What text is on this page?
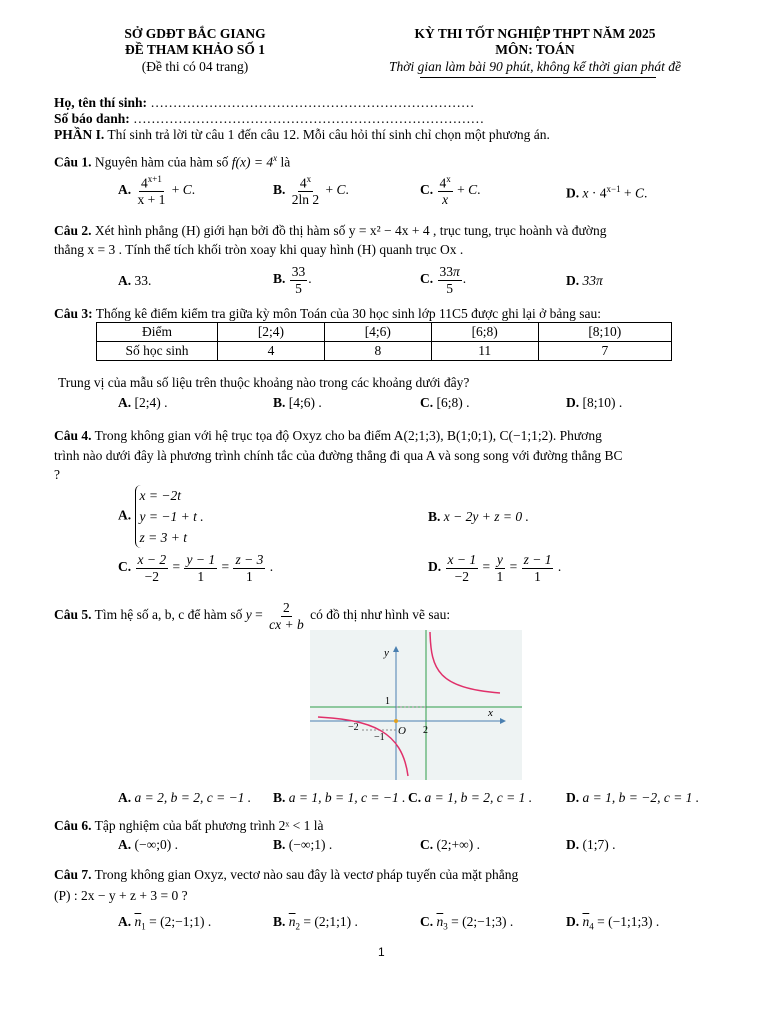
SỞ GDĐT BẮC GIANG
ĐỀ THAM KHẢO SỐ 1
(Đề thi có 04 trang)
KỲ THI TỐT NGHIỆP THPT NĂM 2025
MÔN: TOÁN
Thời gian làm bài 90 phút, không kể thời gian phát đề
Họ, tên thí sinh: ………………………………………………………………
Số báo danh: ……………………………………………………………………
PHẦN I. Thí sinh trả lời từ câu 1 đến câu 12. Mỗi câu hỏi thí sinh chỉ chọn một phương án.
Câu 1. Nguyên hàm của hàm số $f(x) = 4^x$ là
A. $\frac{4^{x+1}}{x + 1} + C$.	B. $\frac{4^x}{2\ln 2} + C$.	C. $\frac{4^x}{x} + C$.	D. $x \cdot 4^{x-1} + C$.
Câu 2. Xét hình phẳng (H) giới hạn bởi đồ thị hàm số y = x² − 4x + 4 , trục tung, trục hoành và đường
thẳng x = 3 . Tính thể tích khối tròn xoay khi quay hình (H) quanh trục Ox .
A. 33.	B. $\frac{33}{5}$ .	C. $\frac{33\pi}{5}$ .	D. 33π
Câu 3: Thống kê điểm kiểm tra giữa kỳ môn Toán của 30 học sinh lớp 11C5 được ghi lại ở bảng sau:
Điểm	[2;4)	[4;6)	[6;8)	[8;10)
Số học sinh	4	8	11	7
Trung vị của mẫu số liệu trên thuộc khoảng nào trong các khoảng dưới đây?
A. [2;4) .	B. [4;6) .	C. [6;8) .	D. [8;10) .
Câu 4. Trong không gian với hệ trục tọa độ Oxyz cho ba điểm A(2;1;3), B(1;0;1), C(−1;1;2). Phương
trình nào dưới đây là phương trình chính tắc của đường thẳng đi qua A và song song với đường thẳng BC
?
A. x = −2t
y = −1 + t .
z = 3 + t
B. x − 2y + z = 0 .
C. $\frac{x - 2}{-2} = \frac{y - 1}{1} = \frac{z - 3}{1}$ .	D. $\frac{x - 1}{-2} = \frac{y}{1} = \frac{z - 1}{1}$ .
Câu 5. Tìm hệ số a, b, c để hàm số $y = \frac{2}{cx + b}$ có đồ thị như hình vẽ sau:
y
x
O
1
2
−2
−1
A. a = 2, b = 2, c = −1 . B. a = 1, b = 1, c = −1 . C. a = 1, b = 2, c = 1 .	D. a = 1, b = −2, c = 1 .
Câu 6. Tập nghiệm của bất phương trình 2ˣ < 1 là
A. (−∞;0) .	B. (−∞;1) .	C. (2;+∞) .	D. (1;7) .
Câu 7. Trong không gian Oxyz, vectơ nào sau đây là vectơ pháp tuyến của mặt phẳng
(P) : 2x − y + z + 3 = 0 ?
A. $\overline{n}_1$ = (2;−1;1) .	B. $\overline{n}_2$ = (2;1;1) .	C. $\overline{n}_3$ = (2;−1;3) .	D. $\overline{n}_4$ = (−1;1;3) .
1
